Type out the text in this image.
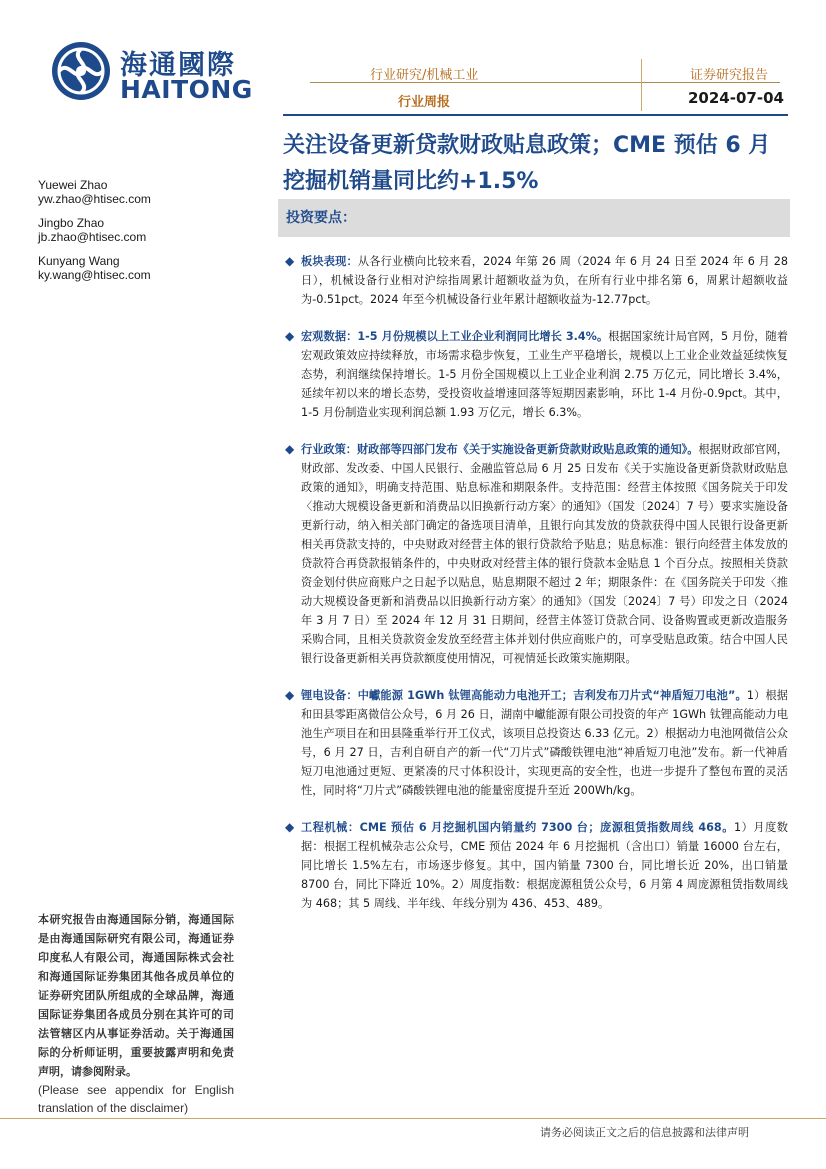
海通國際
HAITONG	行业研究/机械工业
行业周报
证券研究报告
2024-07-04
关注设备更新贷款财政贴息政策；CME 预估 6 月挖掘机销量同比约+1.5%
Yuewei Zhao
yw.zhao@htisec.com
Jingbo Zhao
jb.zhao@htisec.com
Kunyang Wang
ky.wang@htisec.com
投资要点：
◆ 板块表现：从各行业横向比较来看，2024 年第 26 周（2024 年 6 月 24 日至 2024 年 6 月 28 日），机械设备行业相对沪综指周累计超额收益为负，在所有行业中排名第 6，周累计超额收益为-0.51pct。2024 年至今机械设备行业年累计超额收益为-12.77pct。
◆ 宏观数据：1-5 月份规模以上工业企业利润同比增长 3.4%。根据国家统计局官网，5 月份，随着宏观政策效应持续释放，市场需求稳步恢复，工业生产平稳增长，规模以上工业企业效益延续恢复态势，利润继续保持增长。1-5 月份全国规模以上工业企业利润 2.75 万亿元，同比增长 3.4%，延续年初以来的增长态势，受投资收益增速回落等短期因素影响，环比 1-4 月份-0.9pct。其中，1-5 月份制造业实现利润总额 1.93 万亿元，增长 6.3%。
◆ 行业政策：财政部等四部门发布《关于实施设备更新贷款财政贴息政策的通知》。根据财政部官网，财政部、发改委、中国人民银行、金融监管总局 6 月 25 日发布《关于实施设备更新贷款财政贴息政策的通知》，明确支持范围、贴息标准和期限条件。支持范围：经营主体按照《国务院关于印发〈推动大规模设备更新和消费品以旧换新行动方案〉的通知》（国发〔2024〕7 号）要求实施设备更新行动，纳入相关部门确定的备选项目清单，且银行向其发放的贷款获得中国人民银行设备更新相关再贷款支持的，中央财政对经营主体的银行贷款给予贴息；贴息标准：银行向经营主体发放的贷款符合再贷款报销条件的，中央财政对经营主体的银行贷款本金贴息 1 个百分点。按照相关贷款资金划付供应商账户之日起予以贴息，贴息期限不超过 2 年；期限条件：在《国务院关于印发〈推动大规模设备更新和消费品以旧换新行动方案〉的通知》（国发〔2024〕7 号）印发之日（2024 年 3 月 7 日）至 2024 年 12 月 31 日期间，经营主体签订贷款合同、设备购置或更新改造服务采购合同，且相关贷款资金发放至经营主体并划付供应商账户的，可享受贴息政策。结合中国人民银行设备更新相关再贷款额度使用情况，可视情延长政策实施期限。
◆ 锂电设备：中巘能源 1GWh 钛锂高能动力电池开工；吉利发布刀片式“神盾短刀电池”。1）根据和田县零距离微信公众号，6 月 26 日，湖南中巘能源有限公司投资的年产 1GWh 钛锂高能动力电池生产项目在和田县隆重举行开工仪式，该项目总投资达 6.33 亿元。2）根据动力电池网微信公众号，6 月 27 日，吉利自研自产的新一代“刀片式”磷酸铁锂电池“神盾短刀电池”发布。新一代神盾短刀电池通过更短、更紧凑的尺寸体积设计，实现更高的安全性，也进一步提升了整包布置的灵活性，同时将“刀片式”磷酸铁锂电池的能量密度提升至近 200Wh/kg。
◆ 工程机械：CME 预估 6 月挖掘机国内销量约 7300 台；庞源租赁指数周线 468。1）月度数据：根据工程机械杂志公众号，CME 预估 2024 年 6 月挖掘机（含出口）销量 16000 台左右，同比增长 1.5%左右，市场逐步修复。其中，国内销量 7300 台，同比增长近 20%，出口销量 8700 台，同比下降近 10%。2）周度指数：根据庞源租赁公众号，6 月第 4 周庞源租赁指数周线为 468；其 5 周线、半年线、年线分别为 436、453、489。
本研究报告由海通国际分销，海通国际是由海通国际研究有限公司，海通证券印度私人有限公司，海通国际株式会社和海通国际证券集团其他各成员单位的证券研究团队所组成的全球品牌，海通国际证券集团各成员分别在其许可的司法管辖区内从事证券活动。关于海通国际的分析师证明，重要披露声明和免责声明，请参阅附录。
(Please see appendix for English translation of the disclaimer)
请务必阅读正文之后的信息披露和法律声明
